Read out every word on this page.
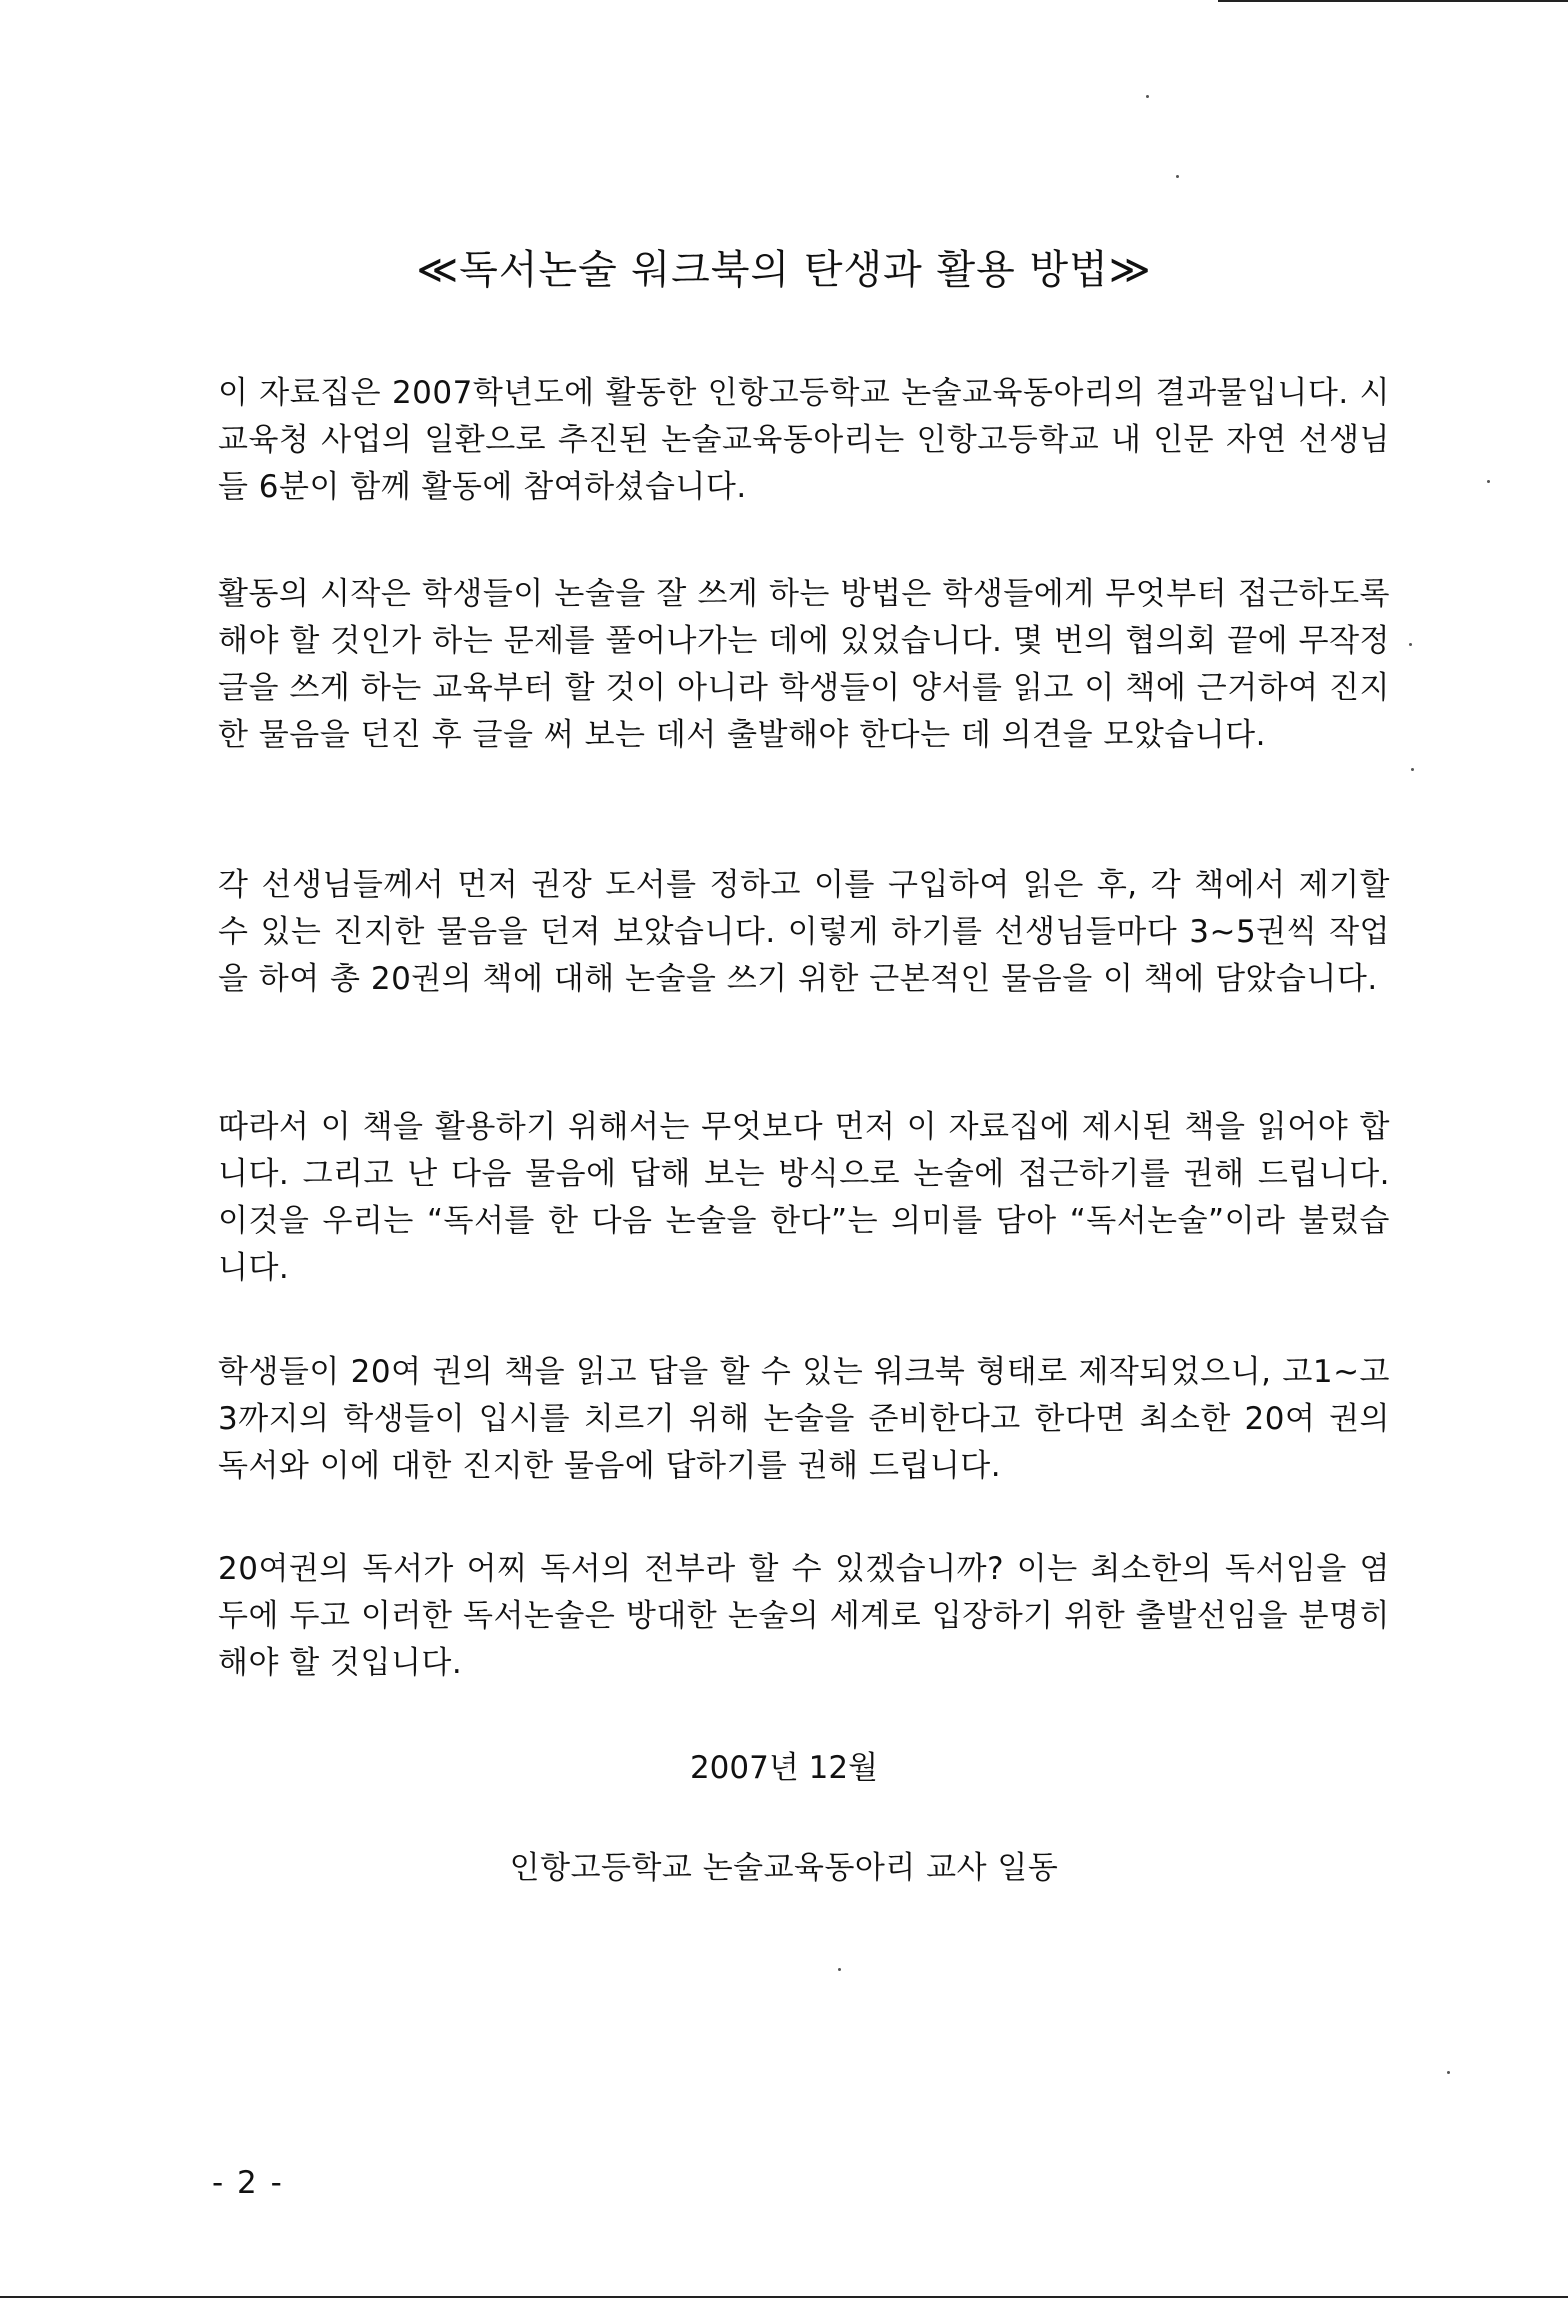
≪독서논술 워크북의 탄생과 활용 방법≫

이 자료집은 2007학년도에 활동한 인항고등학교 논술교육동아리의 결과물입니다. 시교육청 사업의 일환으로 추진된 논술교육동아리는 인항고등학교 내 인문 자연 선생님들 6분이 함께 활동에 참여하셨습니다.

활동의 시작은 학생들이 논술을 잘 쓰게 하는 방법은 학생들에게 무엇부터 접근하도록 해야 할 것인가 하는 문제를 풀어나가는 데에 있었습니다. 몇 번의 협의회 끝에 무작정 글을 쓰게 하는 교육부터 할 것이 아니라 학생들이 양서를 읽고 이 책에 근거하여 진지한 물음을 던진 후 글을 써 보는 데서 출발해야 한다는 데 의견을 모았습니다.

각 선생님들께서 먼저 권장 도서를 정하고 이를 구입하여 읽은 후, 각 책에서 제기할 수 있는 진지한 물음을 던져 보았습니다. 이렇게 하기를 선생님들마다 3~5권씩 작업을 하여 총 20권의 책에 대해 논술을 쓰기 위한 근본적인 물음을 이 책에 담았습니다.

따라서 이 책을 활용하기 위해서는 무엇보다 먼저 이 자료집에 제시된 책을 읽어야 합니다. 그리고 난 다음 물음에 답해 보는 방식으로 논술에 접근하기를 권해 드립니다. 이것을 우리는 “독서를 한 다음 논술을 한다”는 의미를 담아 “독서논술”이라 불렀습니다.

학생들이 20여 권의 책을 읽고 답을 할 수 있는 워크북 형태로 제작되었으니, 고1~고3까지의 학생들이 입시를 치르기 위해 논술을 준비한다고 한다면 최소한 20여 권의 독서와 이에 대한 진지한 물음에 답하기를 권해 드립니다.

20여권의 독서가 어찌 독서의 전부라 할 수 있겠습니까? 이는 최소한의 독서임을 염두에 두고 이러한 독서논술은 방대한 논술의 세계로 입장하기 위한 출발선임을 분명히 해야 할 것입니다.

2007년 12월
인항고등학교 논술교육동아리 교사 일동
- 2 -
